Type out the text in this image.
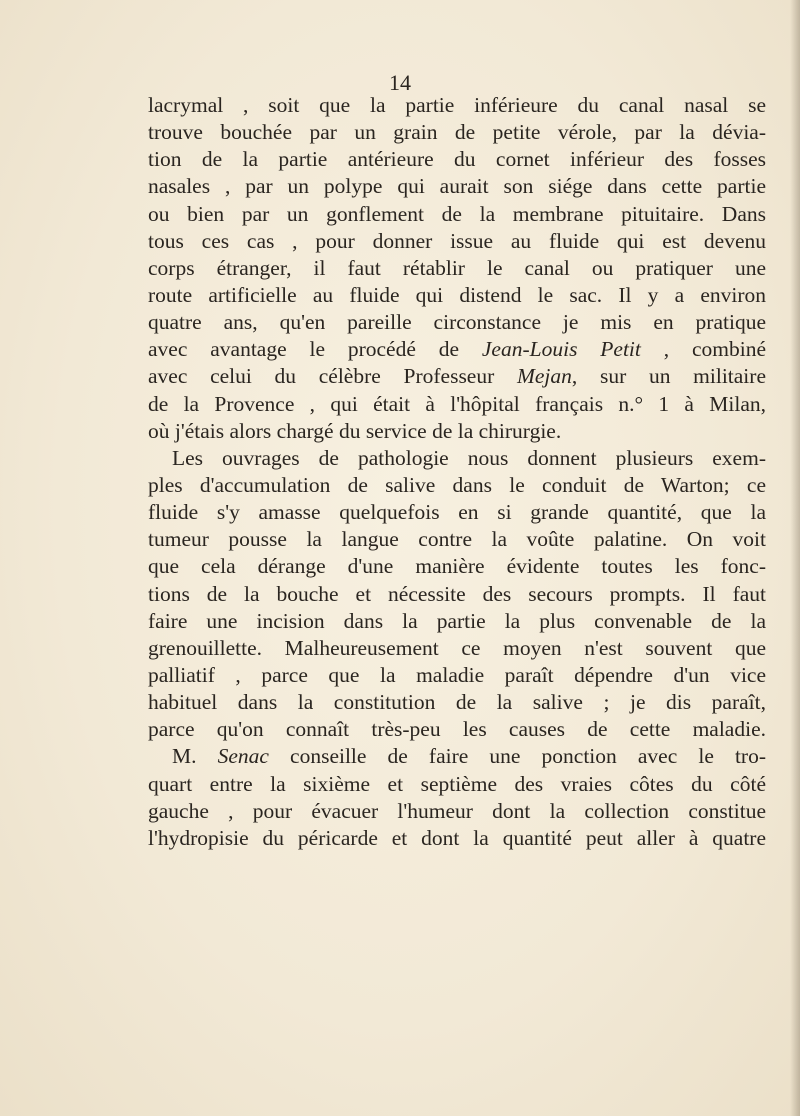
14
lacrymal , soit que la partie inférieure du canal nasal se
trouve bouchée par un grain de petite vérole, par la dévia-
tion de la partie antérieure du cornet inférieur des fosses
nasales , par un polype qui aurait son siége dans cette partie
ou bien par un gonflement de la membrane pituitaire. Dans
tous ces cas , pour donner issue au fluide qui est devenu
corps étranger, il faut rétablir le canal ou pratiquer une
route artificielle au fluide qui distend le sac. Il y a environ
quatre ans, qu'en pareille circonstance je mis en pratique
avec avantage le procédé de Jean-Louis Petit , combiné
avec celui du célèbre Professeur Mejan, sur un militaire
de la Provence , qui était à l'hôpital français n.° 1 à Milan,
où j'étais alors chargé du service de la chirurgie.
Les ouvrages de pathologie nous donnent plusieurs exem-
ples d'accumulation de salive dans le conduit de Warton; ce
fluide s'y amasse quelquefois en si grande quantité, que la
tumeur pousse la langue contre la voûte palatine. On voit
que cela dérange d'une manière évidente toutes les fonc-
tions de la bouche et nécessite des secours prompts. Il faut
faire une incision dans la partie la plus convenable de la
grenouillette. Malheureusement ce moyen n'est souvent que
palliatif , parce que la maladie paraît dépendre d'un vice
habituel dans la constitution de la salive ; je dis paraît,
parce qu'on connaît très-peu les causes de cette maladie.
M. Senac conseille de faire une ponction avec le tro-
quart entre la sixième et septième des vraies côtes du côté
gauche , pour évacuer l'humeur dont la collection constitue
l'hydropisie du péricarde et dont la quantité peut aller à quatre
